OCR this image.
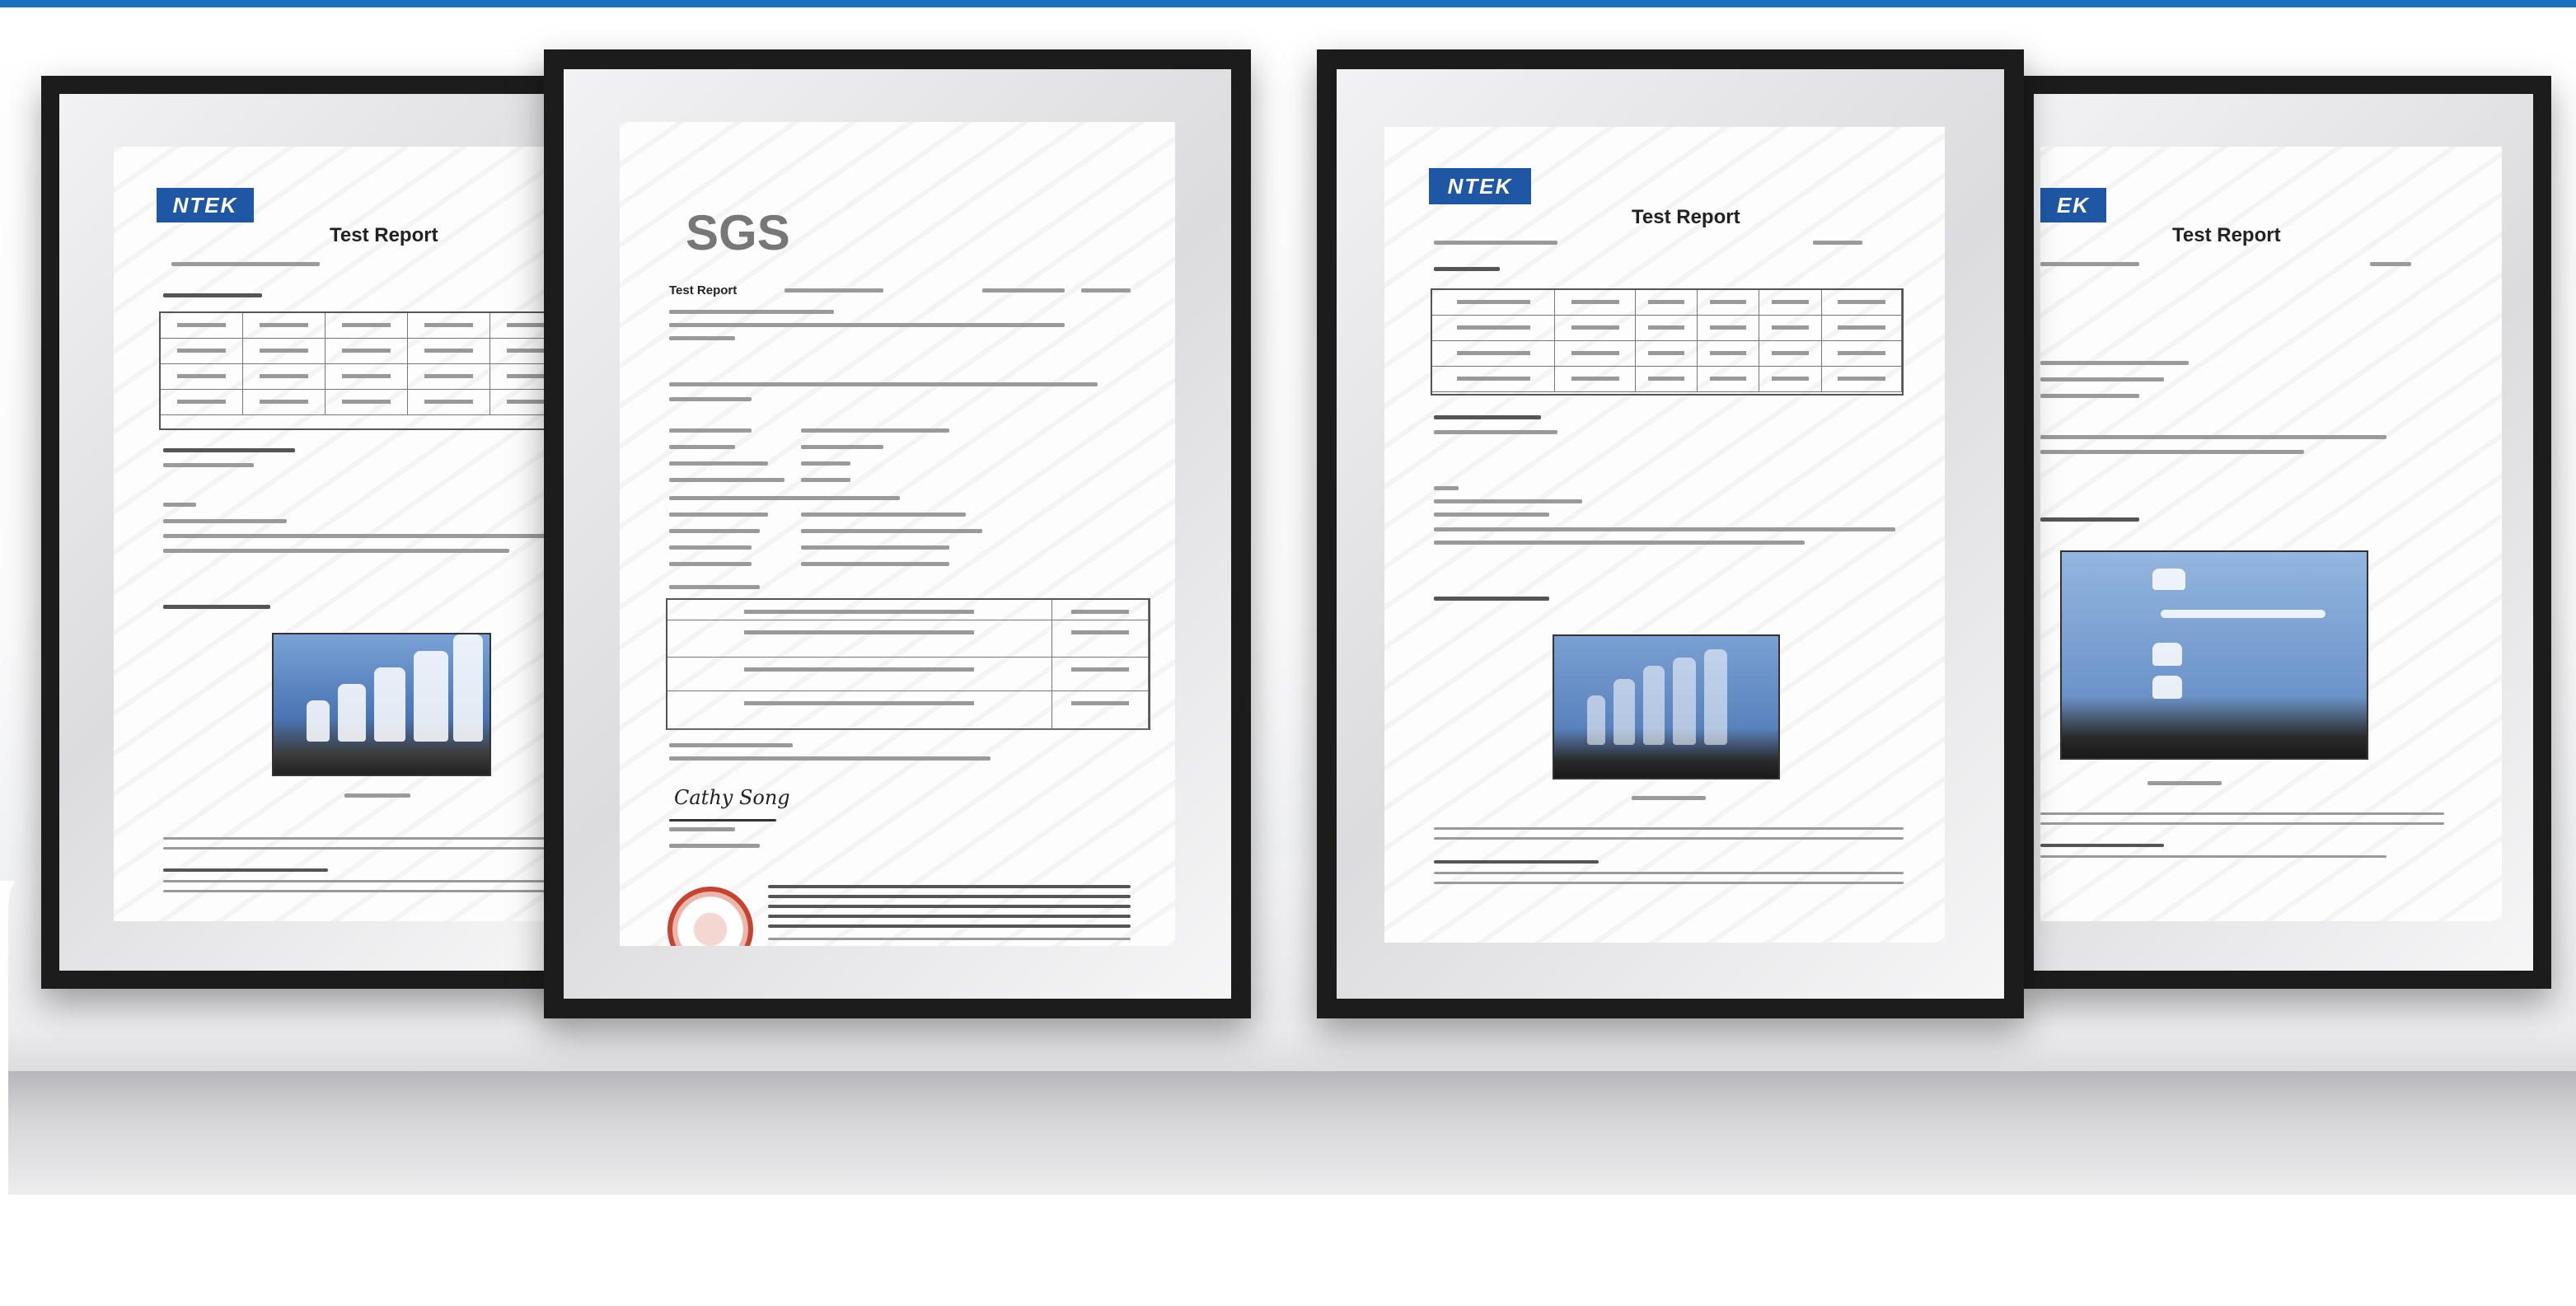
NTEK
Test Report
EK
Test Report
SGS
Test Report
Cathy Song
NTEK
Test Report
